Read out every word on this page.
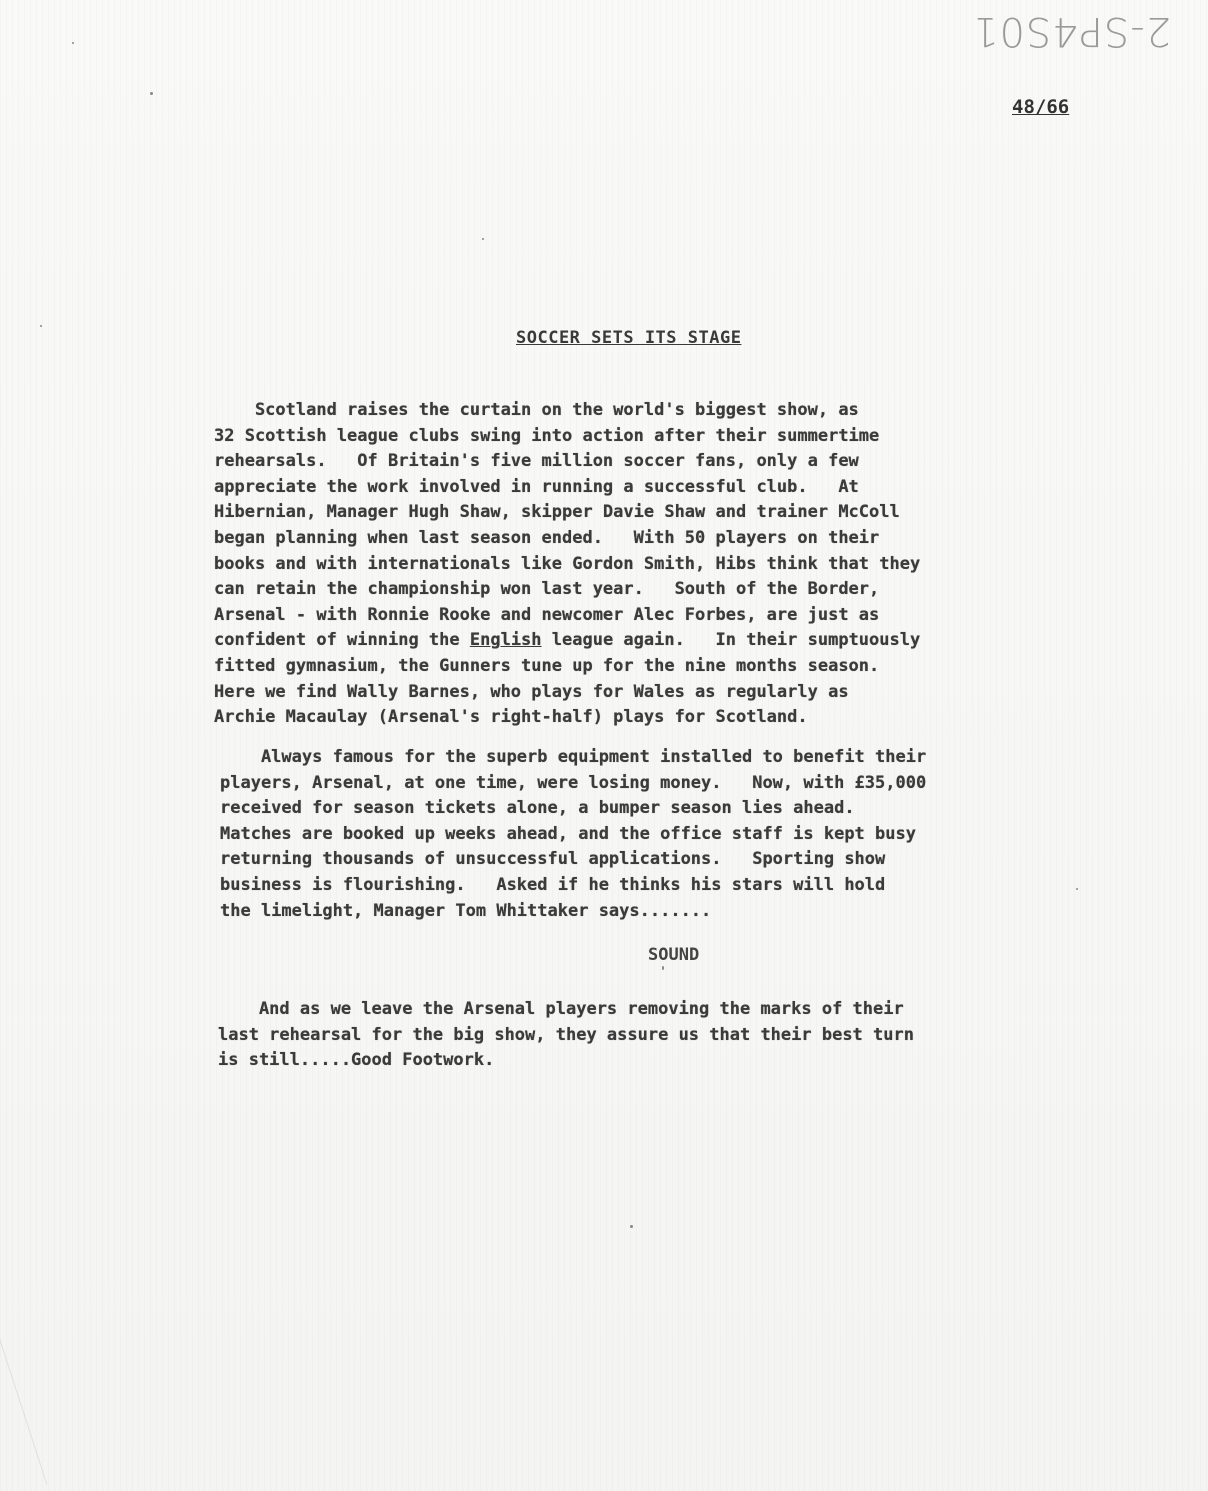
2-SP4S01
48/66
SOCCER SETS ITS STAGE
Scotland raises the curtain on the world's biggest show, as
32 Scottish league clubs swing into action after their summertime
rehearsals.   Of Britain's five million soccer fans, only a few
appreciate the work involved in running a successful club.   At
Hibernian, Manager Hugh Shaw, skipper Davie Shaw and trainer McColl
began planning when last season ended.   With 50 players on their
books and with internationals like Gordon Smith, Hibs think that they
can retain the championship won last year.   South of the Border,
Arsenal - with Ronnie Rooke and newcomer Alec Forbes, are just as
confident of winning the English league again.   In their sumptuously
fitted gymnasium, the Gunners tune up for the nine months season.
Here we find Wally Barnes, who plays for Wales as regularly as
Archie Macaulay (Arsenal's right-half) plays for Scotland.
Always famous for the superb equipment installed to benefit their
players, Arsenal, at one time, were losing money.   Now, with £35,000
received for season tickets alone, a bumper season lies ahead.
Matches are booked up weeks ahead, and the office staff is kept busy
returning thousands of unsuccessful applications.   Sporting show
business is flourishing.   Asked if he thinks his stars will hold
the limelight, Manager Tom Whittaker says.......
SOUND
And as we leave the Arsenal players removing the marks of their
last rehearsal for the big show, they assure us that their best turn
is still.....Good Footwork.
